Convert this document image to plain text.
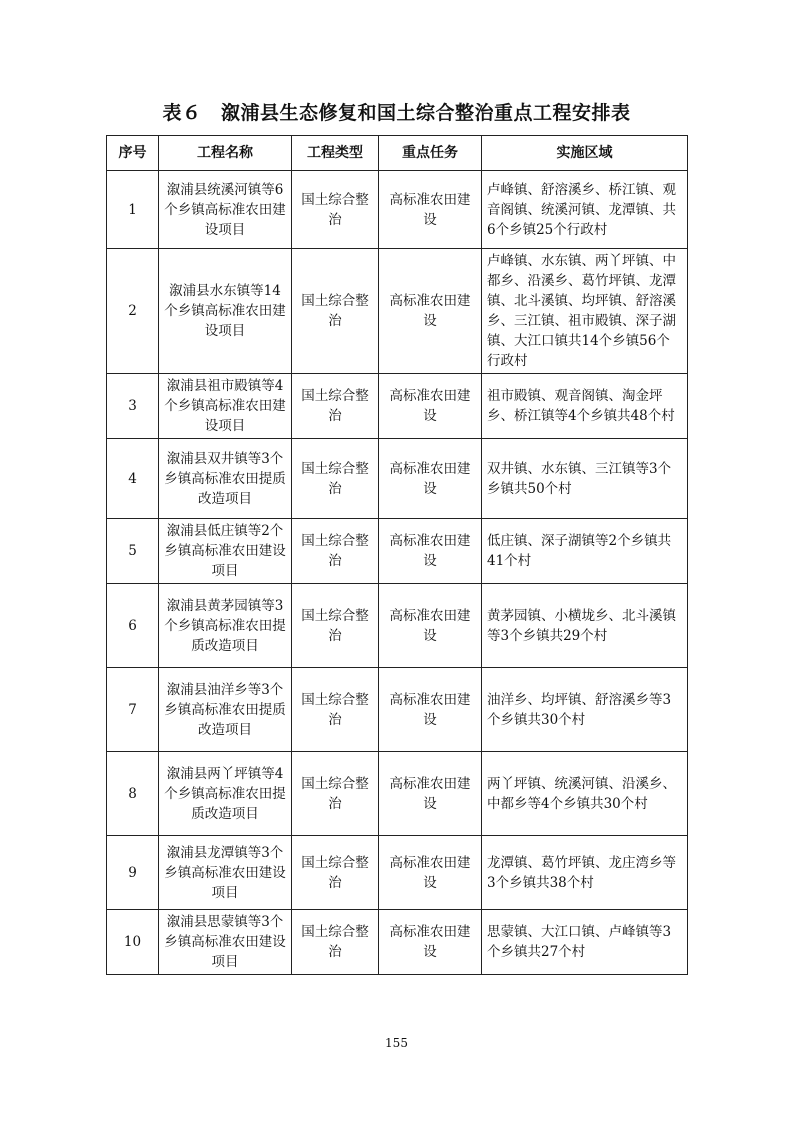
表６　溆浦县生态修复和国土综合整治重点工程安排表
序号	工程名称	工程类型	重点任务	实施区域
1	溆浦县统溪河镇等6个乡镇高标准农田建设项目	国土综合整治	高标准农田建设	卢峰镇、舒溶溪乡、桥江镇、观音阁镇、统溪河镇、龙潭镇、共6个乡镇25个行政村
2	溆浦县水东镇等14个乡镇高标准农田建设项目	国土综合整治	高标准农田建设	卢峰镇、水东镇、两丫坪镇、中都乡、沿溪乡、葛竹坪镇、龙潭镇、北斗溪镇、均坪镇、舒溶溪乡、三江镇、祖市殿镇、深子湖镇、大江口镇共14个乡镇56个行政村
3	溆浦县祖市殿镇等4个乡镇高标准农田建设项目	国土综合整治	高标准农田建设	祖市殿镇、观音阁镇、淘金坪乡、桥江镇等4个乡镇共48个村
4	溆浦县双井镇等3个乡镇高标准农田提质改造项目	国土综合整治	高标准农田建设	双井镇、水东镇、三江镇等3个乡镇共50个村
5	溆浦县低庄镇等2个乡镇高标准农田建设项目	国土综合整治	高标准农田建设	低庄镇、深子湖镇等2个乡镇共41个村
6	溆浦县黄茅园镇等3个乡镇高标准农田提质改造项目	国土综合整治	高标准农田建设	黄茅园镇、小横垅乡、北斗溪镇等3个乡镇共29个村
7	溆浦县油洋乡等3个乡镇高标准农田提质改造项目	国土综合整治	高标准农田建设	油洋乡、均坪镇、舒溶溪乡等3个乡镇共30个村
8	溆浦县两丫坪镇等4个乡镇高标准农田提质改造项目	国土综合整治	高标准农田建设	两丫坪镇、统溪河镇、沿溪乡、中都乡等4个乡镇共30个村
9	溆浦县龙潭镇等3个乡镇高标准农田建设项目	国土综合整治	高标准农田建设	龙潭镇、葛竹坪镇、龙庄湾乡等3个乡镇共38个村
10	溆浦县思蒙镇等3个乡镇高标准农田建设项目	国土综合整治	高标准农田建设	思蒙镇、大江口镇、卢峰镇等3个乡镇共27个村
155
